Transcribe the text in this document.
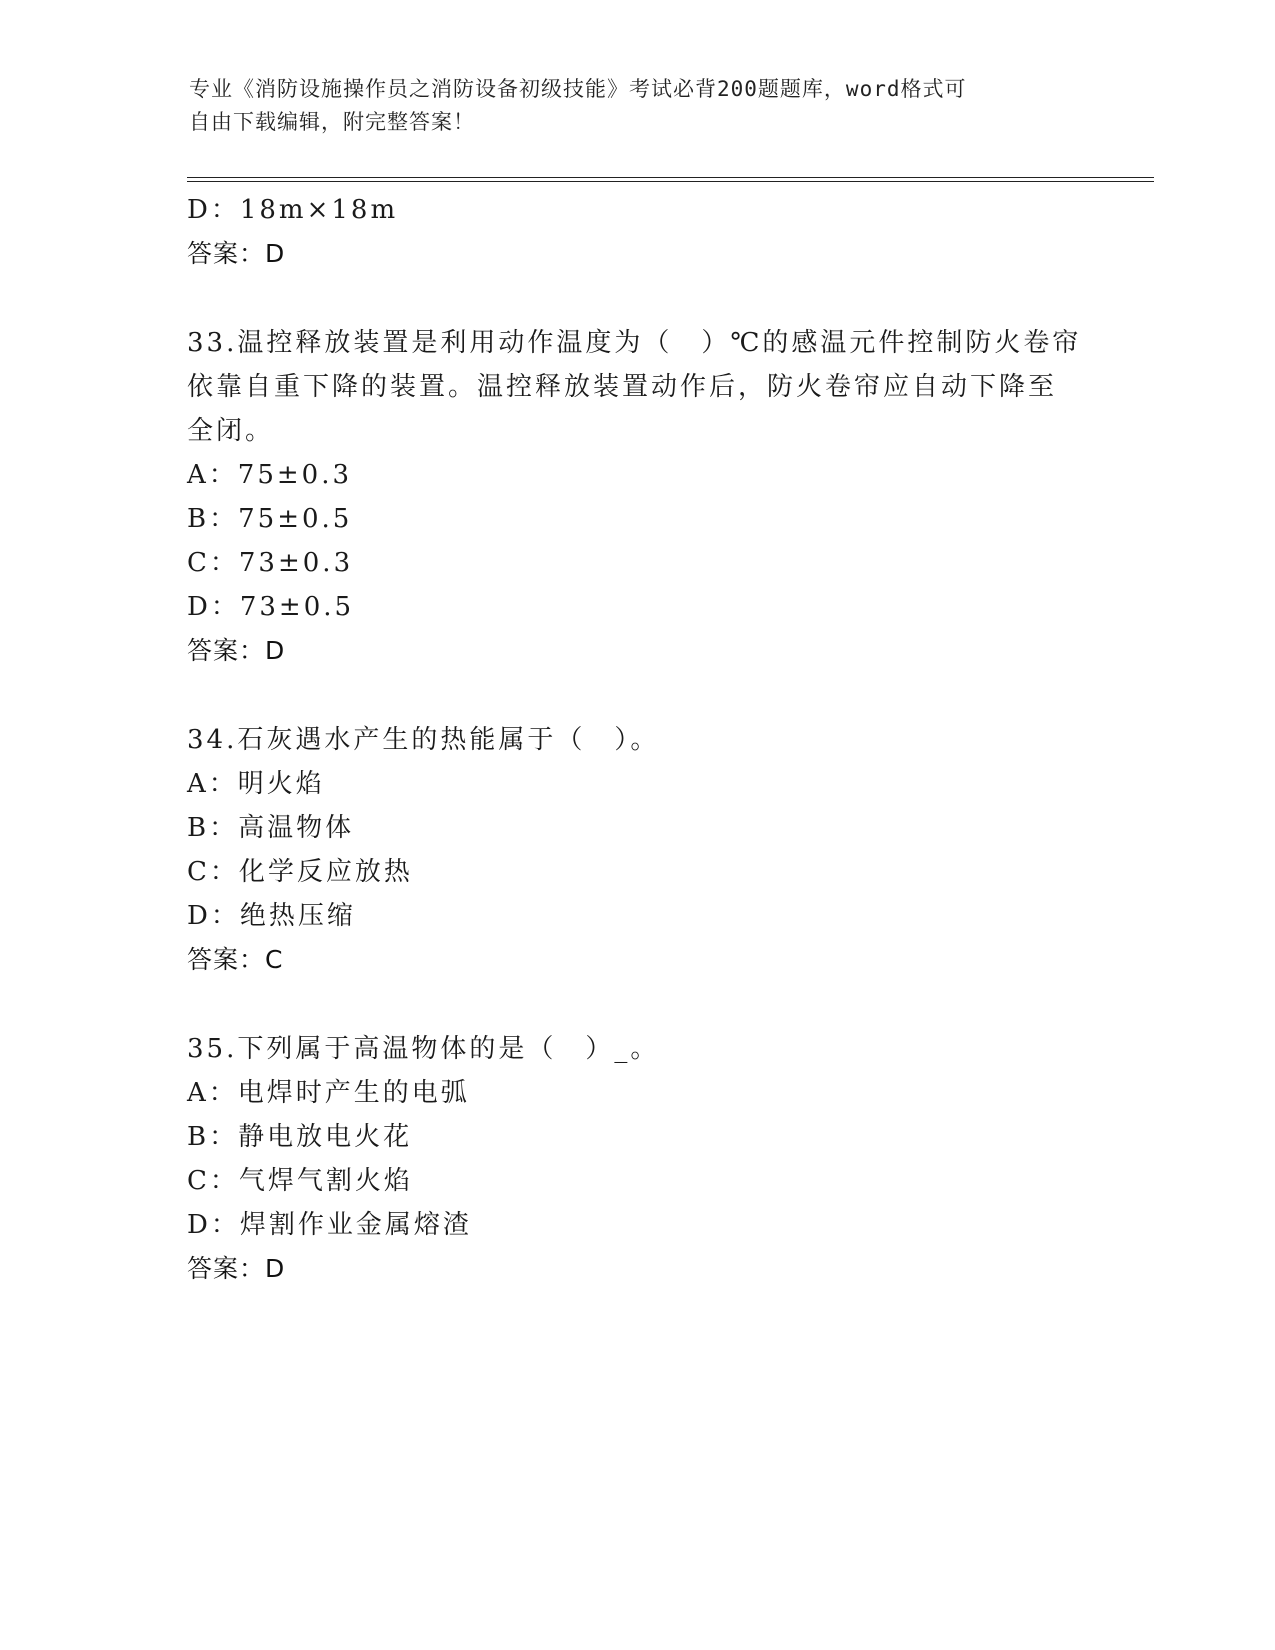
专业《消防设施操作员之消防设备初级技能》考试必背200题题库，word格式可
自由下载编辑，附完整答案！
D：18m×18m
答案：D
33.温控释放装置是利用动作温度为（　）℃的感温元件控制防火卷帘
依靠自重下降的装置。温控释放装置动作后，防火卷帘应自动下降至
全闭。
A：75±0.3
B：75±0.5
C：73±0.3
D：73±0.5
答案：D
34.石灰遇水产生的热能属于（　）。
A：明火焰
B：高温物体
C：化学反应放热
D：绝热压缩
答案：C
35.下列属于高温物体的是（　）_。
A：电焊时产生的电弧
B：静电放电火花
C：气焊气割火焰
D：焊割作业金属熔渣
答案：D
